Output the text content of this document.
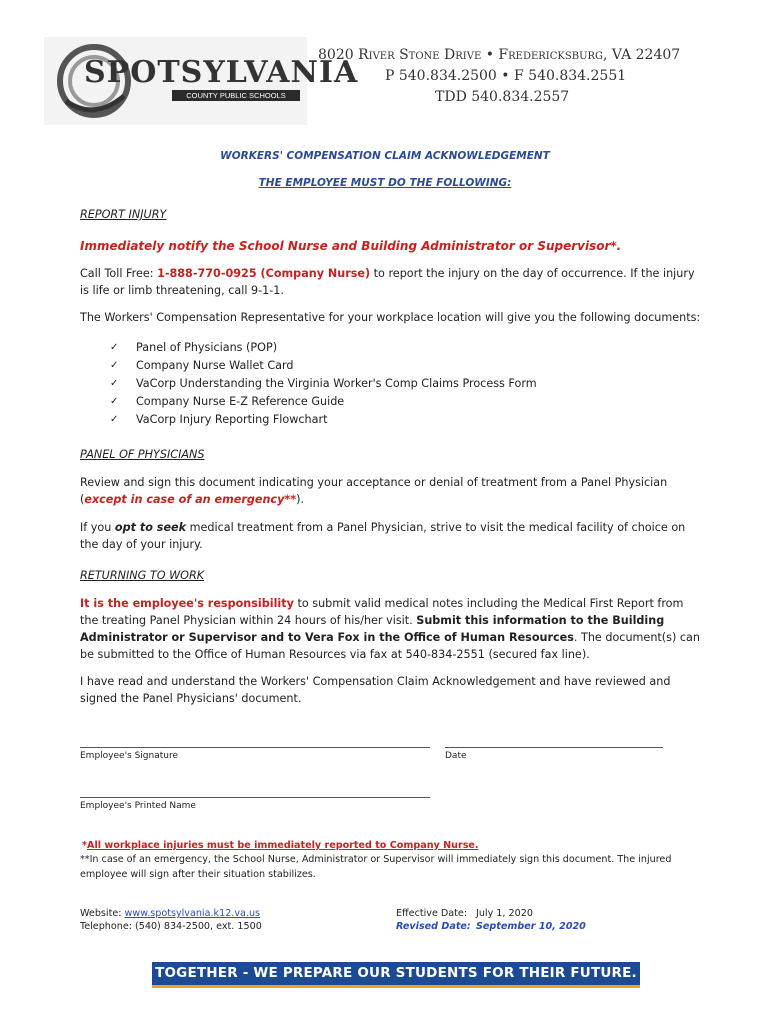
SPOTSYLVANIA
COUNTY PUBLIC SCHOOLS
8020 River Stone Drive • Fredericksburg, VA 22407
P 540.834.2500 • F 540.834.2551
TDD 540.834.2557
WORKERS' COMPENSATION CLAIM ACKNOWLEDGEMENT
THE EMPLOYEE MUST DO THE FOLLOWING:
REPORT INJURY
Immediately notify the School Nurse and Building Administrator or Supervisor*.
Call Toll Free: 1-888-770-0925 (Company Nurse) to report the injury on the day of occurrence. If the injury is life or limb threatening, call 9-1-1.
The Workers' Compensation Representative for your workplace location will give you the following documents:
✓ Panel of Physicians (POP)
✓ Company Nurse Wallet Card
✓ VaCorp Understanding the Virginia Worker's Comp Claims Process Form
✓ Company Nurse E-Z Reference Guide
✓ VaCorp Injury Reporting Flowchart
PANEL OF PHYSICIANS
Review and sign this document indicating your acceptance or denial of treatment from a Panel Physician (except in case of an emergency**).
If you opt to seek medical treatment from a Panel Physician, strive to visit the medical facility of choice on the day of your injury.
RETURNING TO WORK
It is the employee's responsibility to submit valid medical notes including the Medical First Report from the treating Panel Physician within 24 hours of his/her visit. Submit this information to the Building Administrator or Supervisor and to Vera Fox in the Office of Human Resources. The document(s) can be submitted to the Office of Human Resources via fax at 540-834-2551 (secured fax line).
I have read and understand the Workers' Compensation Claim Acknowledgement and have reviewed and signed the Panel Physicians' document.
Employee's Signature	Date
Employee's Printed Name
*All workplace injuries must be immediately reported to Company Nurse.
**In case of an emergency, the School Nurse, Administrator or Supervisor will immediately sign this document. The injured employee will sign after their situation stabilizes.
Website: www.spotsylvania.k12.va.us
Telephone: (540) 834-2500, ext. 1500
Effective Date: July 1, 2020
Revised Date: September 10, 2020
TOGETHER - WE PREPARE OUR STUDENTS FOR THEIR FUTURE.
